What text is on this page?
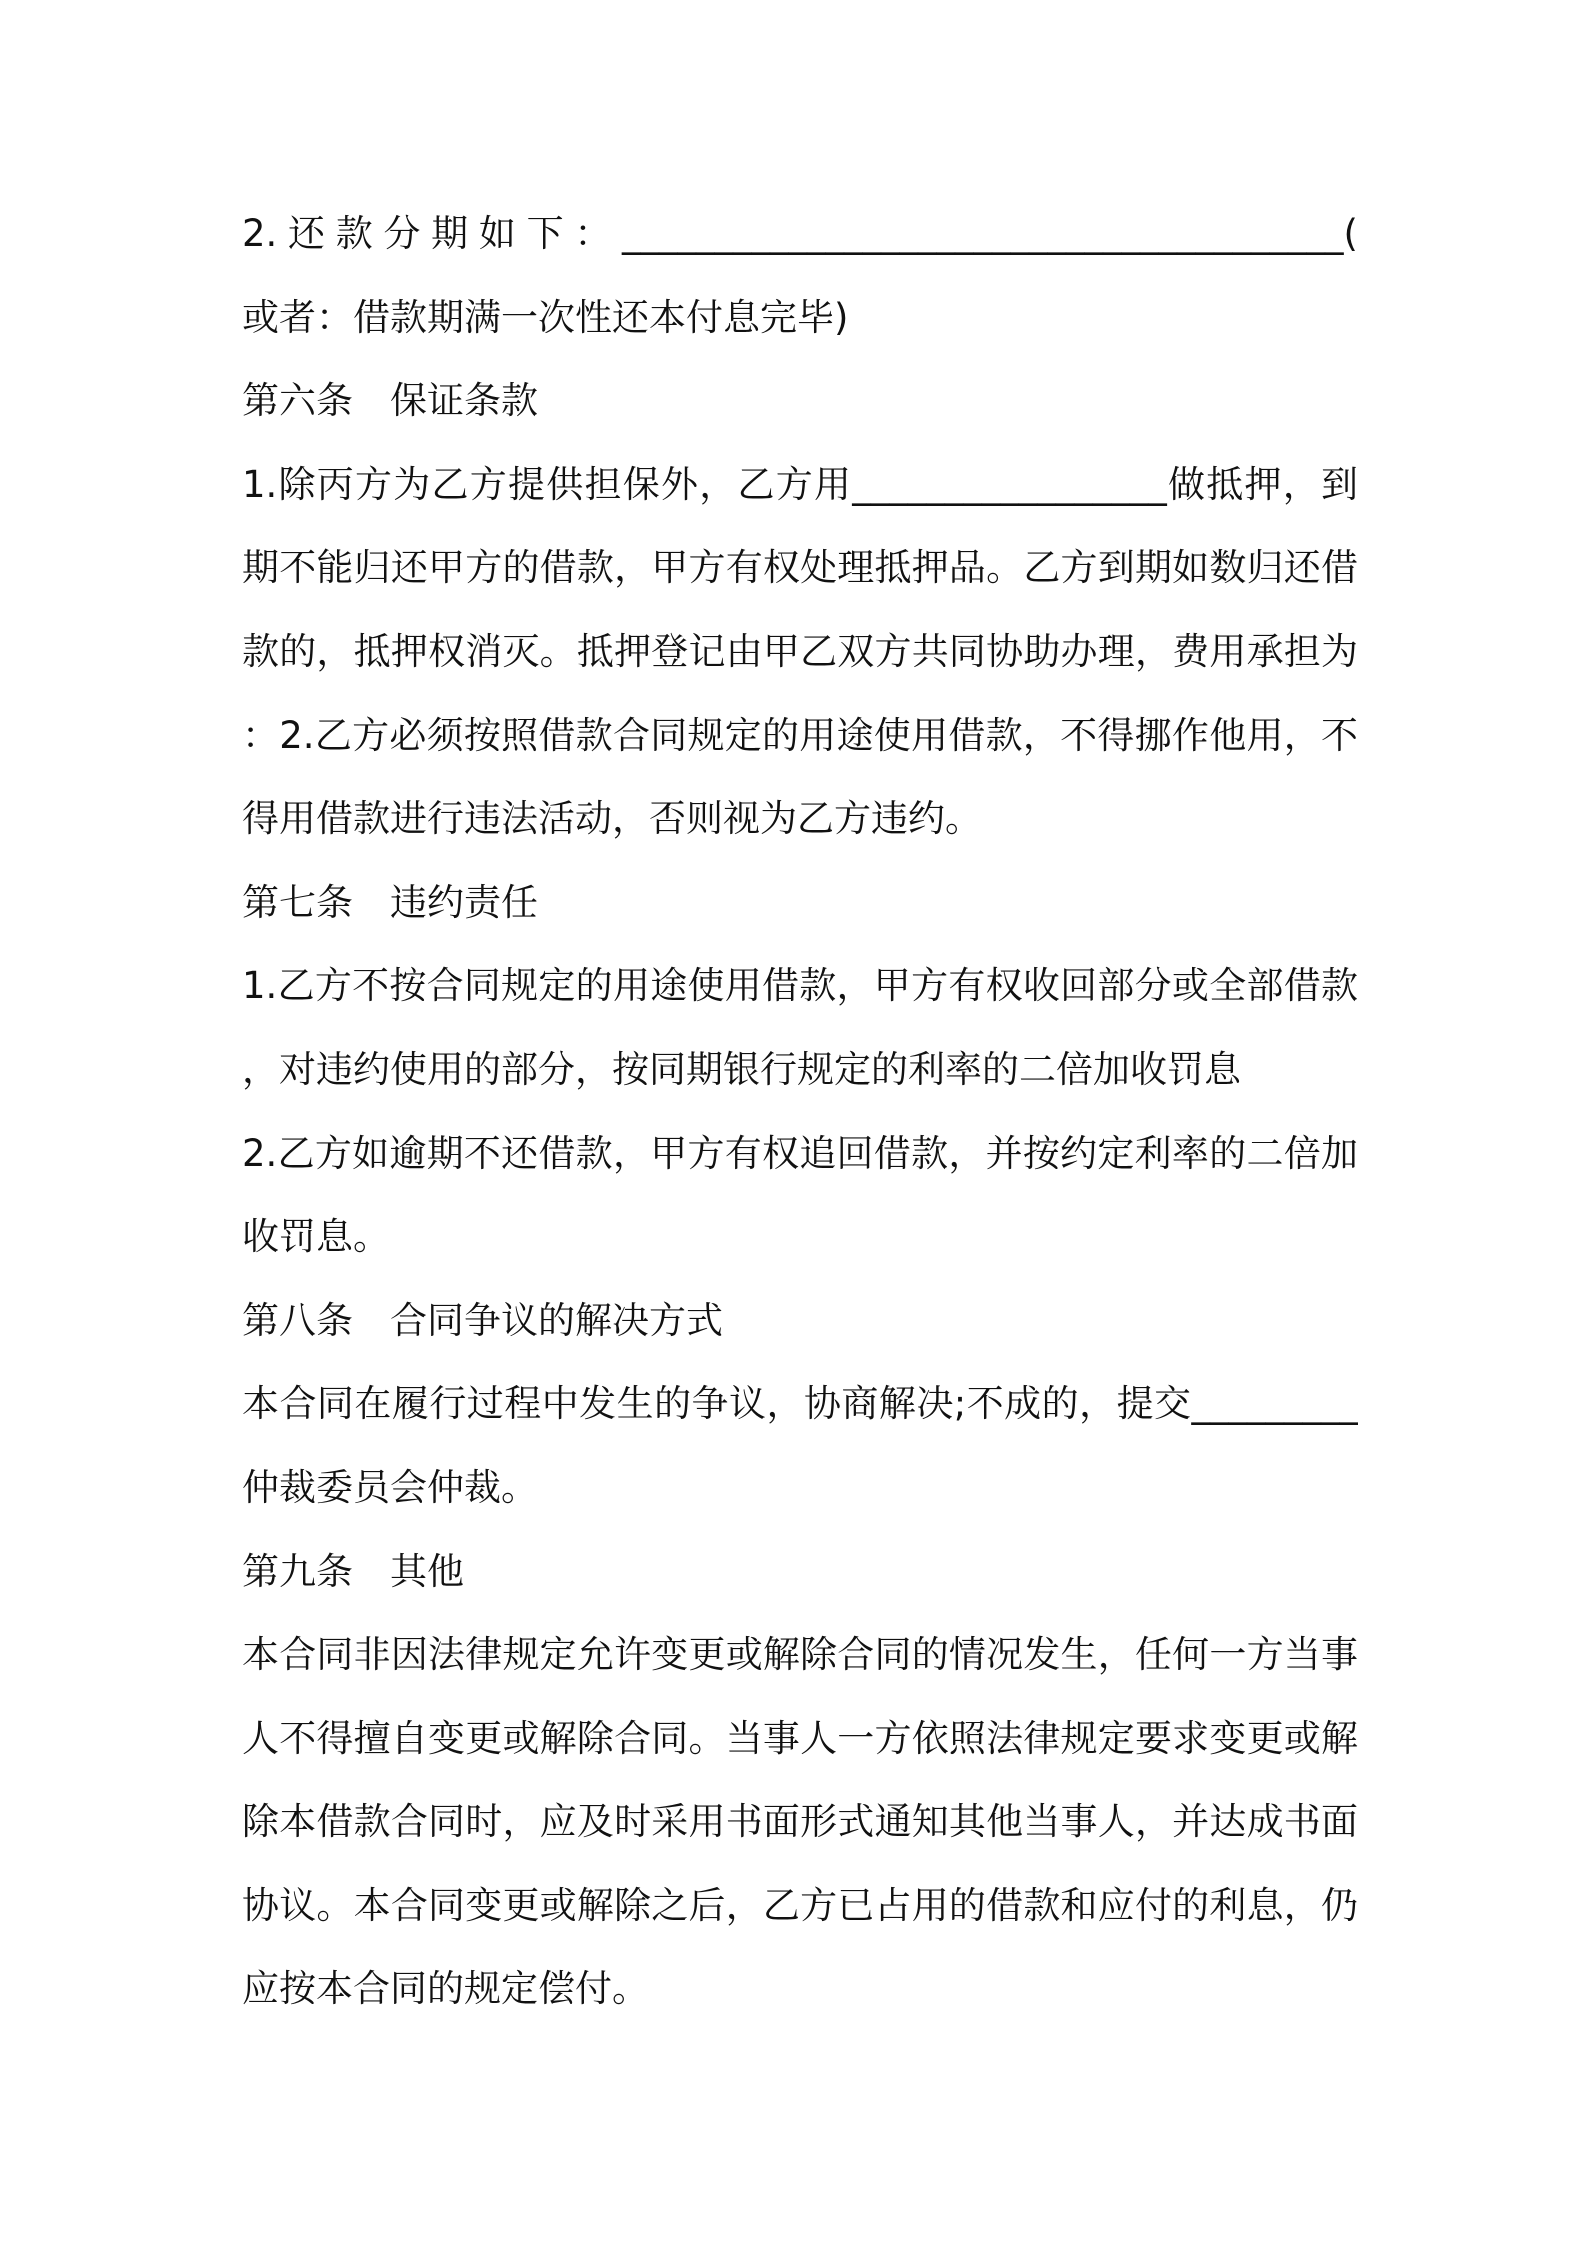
2.还款分期如下：_______________________________________(
或者：借款期满一次性还本付息完毕)
第六条　保证条款
1.除丙方为乙方提供担保外，乙方用_________________做抵押，到
期不能归还甲方的借款，甲方有权处理抵押品。乙方到期如数归还借
款的，抵押权消灭。抵押登记由甲乙双方共同协助办理，费用承担为
：2.乙方必须按照借款合同规定的用途使用借款，不得挪作他用，不
得用借款进行违法活动，否则视为乙方违约。
第七条　违约责任
1.乙方不按合同规定的用途使用借款，甲方有权收回部分或全部借款
，对违约使用的部分，按同期银行规定的利率的二倍加收罚息
2.乙方如逾期不还借款，甲方有权追回借款，并按约定利率的二倍加
收罚息。
第八条　合同争议的解决方式
本合同在履行过程中发生的争议，协商解决;不成的，提交_________
仲裁委员会仲裁。
第九条　其他
本合同非因法律规定允许变更或解除合同的情况发生，任何一方当事
人不得擅自变更或解除合同。当事人一方依照法律规定要求变更或解
除本借款合同时，应及时采用书面形式通知其他当事人，并达成书面
协议。本合同变更或解除之后，乙方已占用的借款和应付的利息，仍
应按本合同的规定偿付。
